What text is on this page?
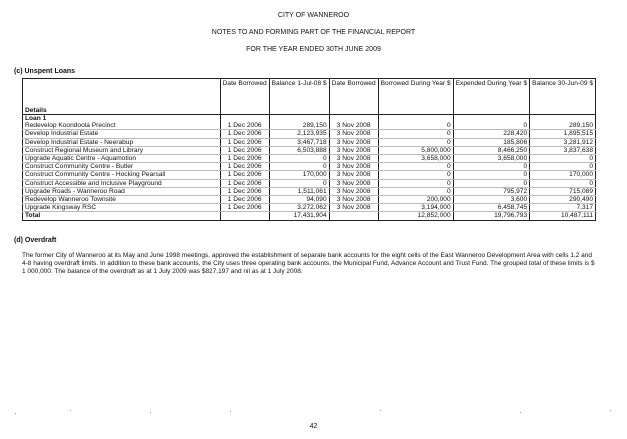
CITY OF WANNEROO
NOTES TO AND FORMING PART OF THE FINANCIAL REPORT
FOR THE YEAR ENDED 30TH JUNE 2009
(c) Unspent Loans
Details	Date Borrowed	Balance 1-Jul-08 $	Date Borrowed	Borrowed During Year $	Expended During Year $	Balance 30-Jun-09 $
Loan 1						
Redevelop Koondoola Precinct	1 Dec 2006	289,150	3 Nov 2008	0	0	289,150
Develop Industrial Estate	1 Dec 2006	2,123,935	3 Nov 2008	0	228,420	1,895,515
Develop Industrial Estate - Neerabup	1 Dec 2006	3,467,718	3 Nov 2008	0	185,806	3,281,912
Construct Regional Museum and Library	1 Dec 2006	6,503,888	3 Nov 2008	5,800,000	8,466,250	3,837,638
Upgrade Aquatic Centre - Aquamotion	1 Dec 2006	0	3 Nov 2008	3,658,000	3,658,000	0
Construct Community Centre - Butler	1 Dec 2006	0	3 Nov 2008	0	0	0
Construct Community Centre - Hocking Pearsall	1 Dec 2006	170,000	3 Nov 2008	0	0	170,000
Construct Accessible and Inclusive Playground	1 Dec 2006	0	3 Nov 2008	0	0	0
Upgrade Roads - Wanneroo Road	1 Dec 2006	1,511,061	3 Nov 2008	0	795,972	715,089
Redevelop Wanneroo Townsite	1 Dec 2006	94,090	3 Nov 2008	200,000	3,600	290,490
Upgrade Kingsway RSC	1 Dec 2006	3,272,062	3 Nov 2008	3,194,000	6,458,745	7,317
Total		17,431,904		12,852,000	19,796,793	10,487,111
(d) Overdraft
The former City of Wanneroo at its May and June 1998 meetings, approved the establishment of separate bank accounts for the eight cells of the East Wanneroo Development Area with cells 1,2 and 4-8 having overdraft limits. In addition to these bank accounts, the City uses three operating bank accounts, the Municipal Fund, Advance Account and Trust Fund. The grouped total of these limits is $ 1 000,000. The balance of the overdraft as at 1 July 2009 was $827,197 and nil as at 1 July 2008.
42
